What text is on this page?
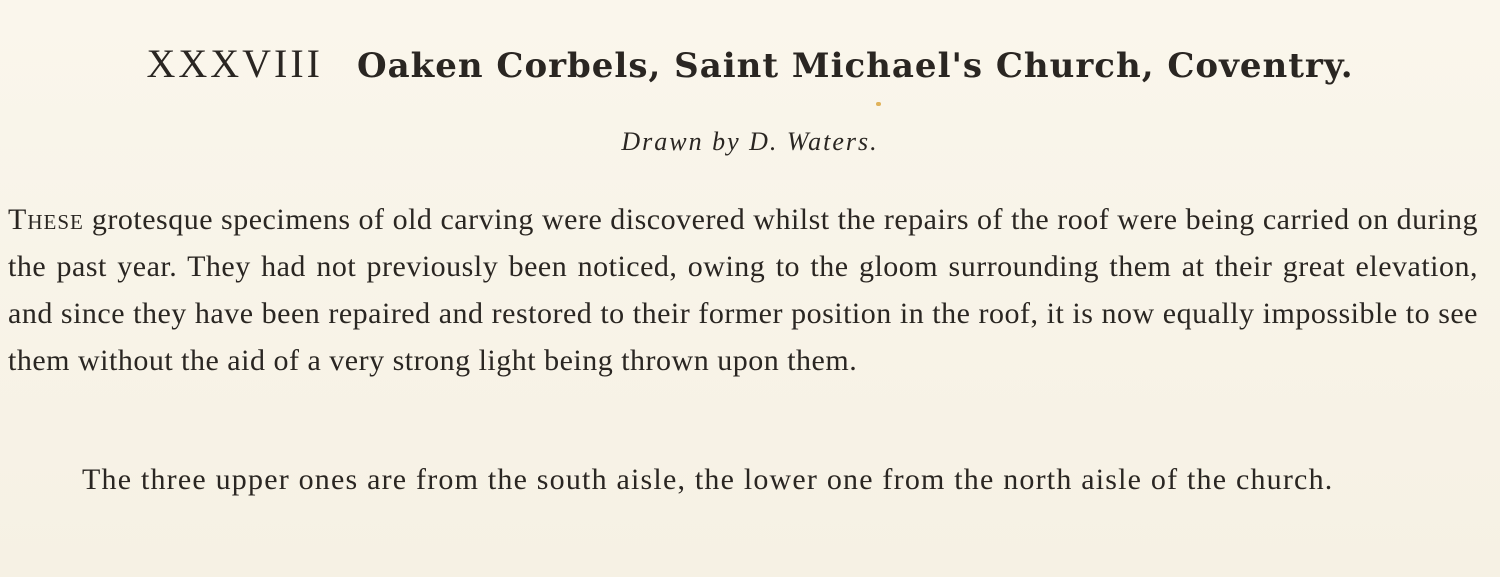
XXXVIII Oaken Corbels, Saint Michael's Church, Coventry.
Drawn by D. Waters.

These grotesque specimens of old carving were discovered whilst the repairs of the roof were being carried on during the past year. They had not previously been noticed, owing to the gloom surrounding them at their great elevation, and since they have been repaired and restored to their former position in the roof, it is now equally impossible to see them without the aid of a very strong light being thrown upon them.

The three upper ones are from the south aisle, the lower one from the north aisle of the church.
